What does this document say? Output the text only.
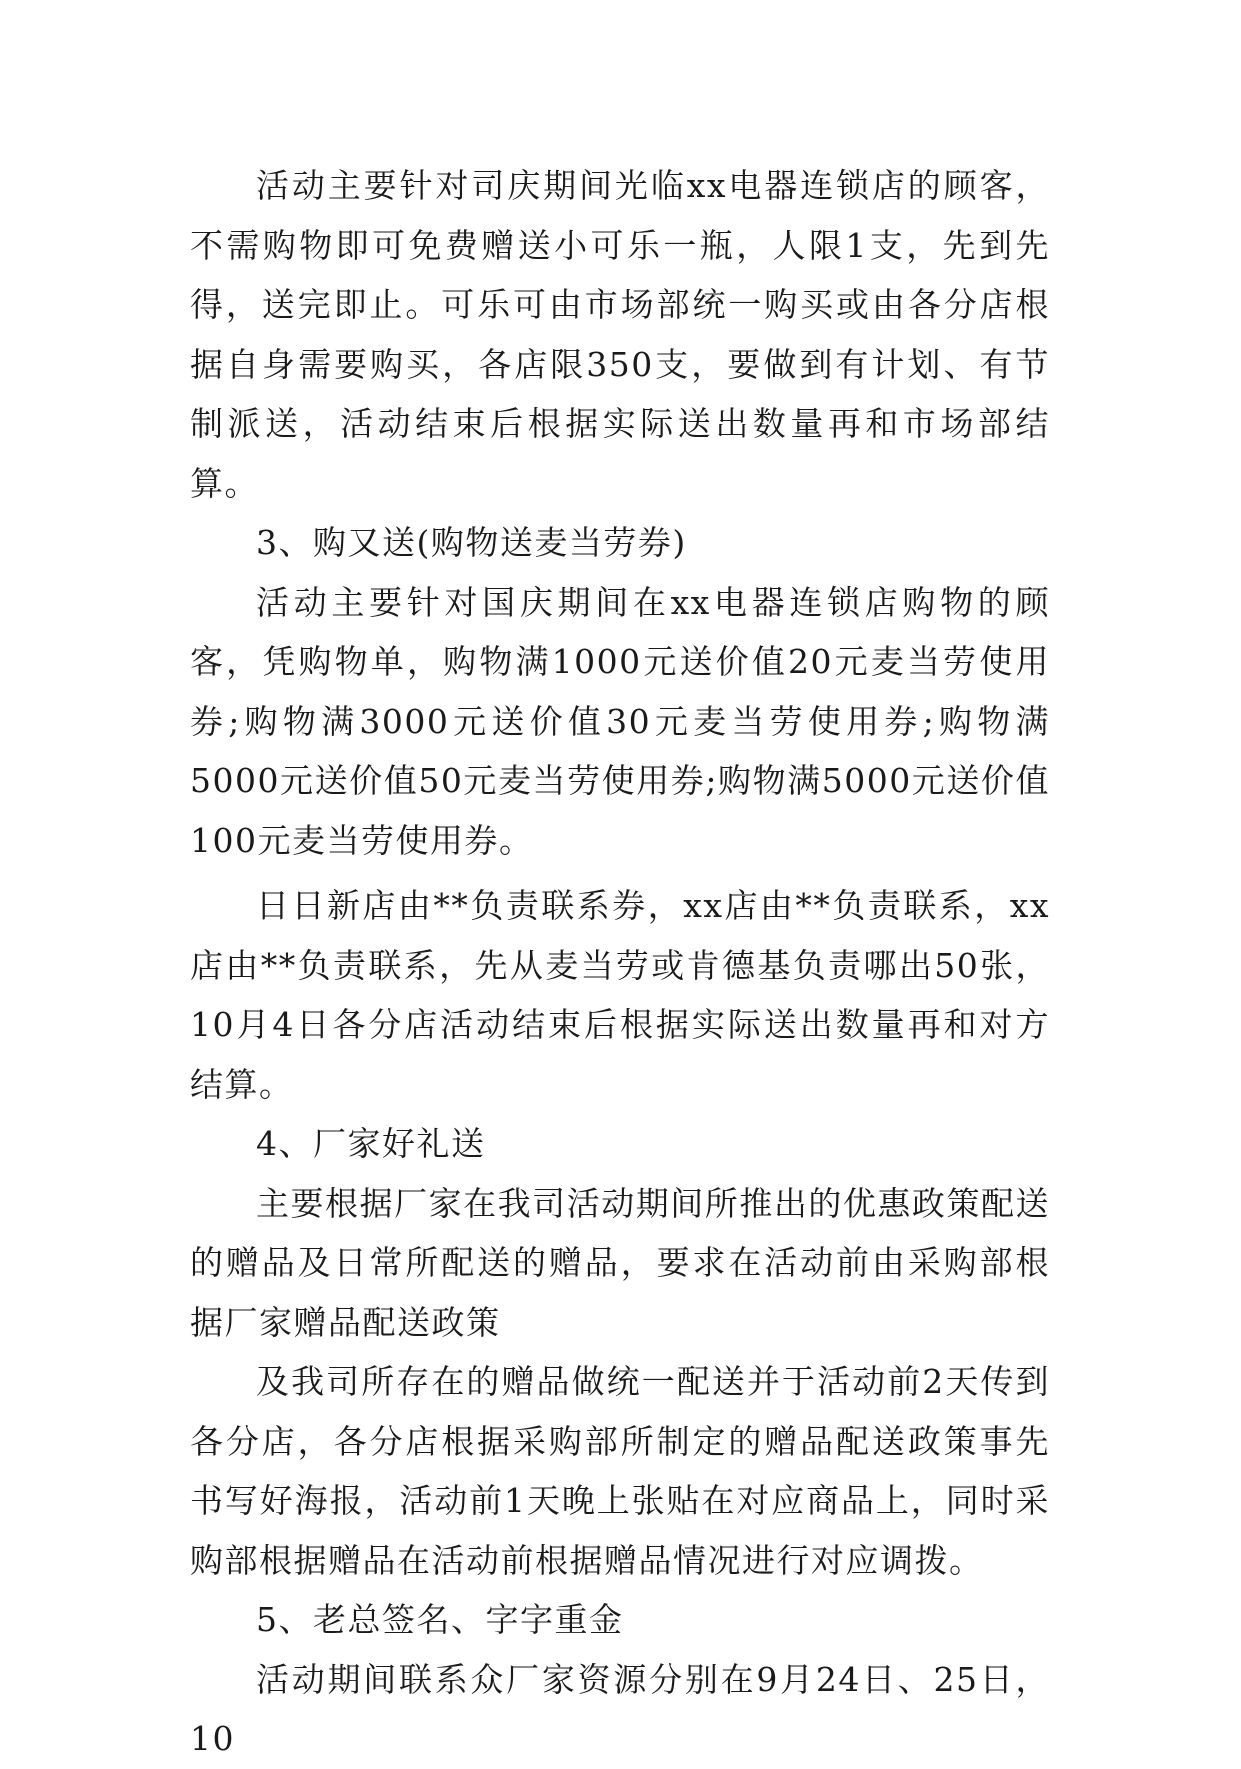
活动主要针对司庆期间光临xx电器连锁店的顾客，不需购物即可免费赠送小可乐一瓶，人限1支，先到先得，送完即止。可乐可由市场部统一购买或由各分店根据自身需要购买，各店限350支，要做到有计划、有节制派送，活动结束后根据实际送出数量再和市场部结算。

3、购又送(购物送麦当劳券)

活动主要针对国庆期间在xx电器连锁店购物的顾客，凭购物单，购物满1000元送价值20元麦当劳使用券;购物满3000元送价值30元麦当劳使用券;购物满5000元送价值50元麦当劳使用券;购物满5000元送价值100元麦当劳使用券。

日日新店由**负责联系券，xx店由**负责联系，xx店由**负责联系，先从麦当劳或肯德基负责哪出50张，10月4日各分店活动结束后根据实际送出数量再和对方结算。

4、厂家好礼送

主要根据厂家在我司活动期间所推出的优惠政策配送的赠品及日常所配送的赠品，要求在活动前由采购部根据厂家赠品配送政策

及我司所存在的赠品做统一配送并于活动前2天传到各分店，各分店根据采购部所制定的赠品配送政策事先书写好海报，活动前1天晚上张贴在对应商品上，同时采购部根据赠品在活动前根据赠品情况进行对应调拨。

5、老总签名、字字重金

活动期间联系众厂家资源分别在9月24日、25日，10
